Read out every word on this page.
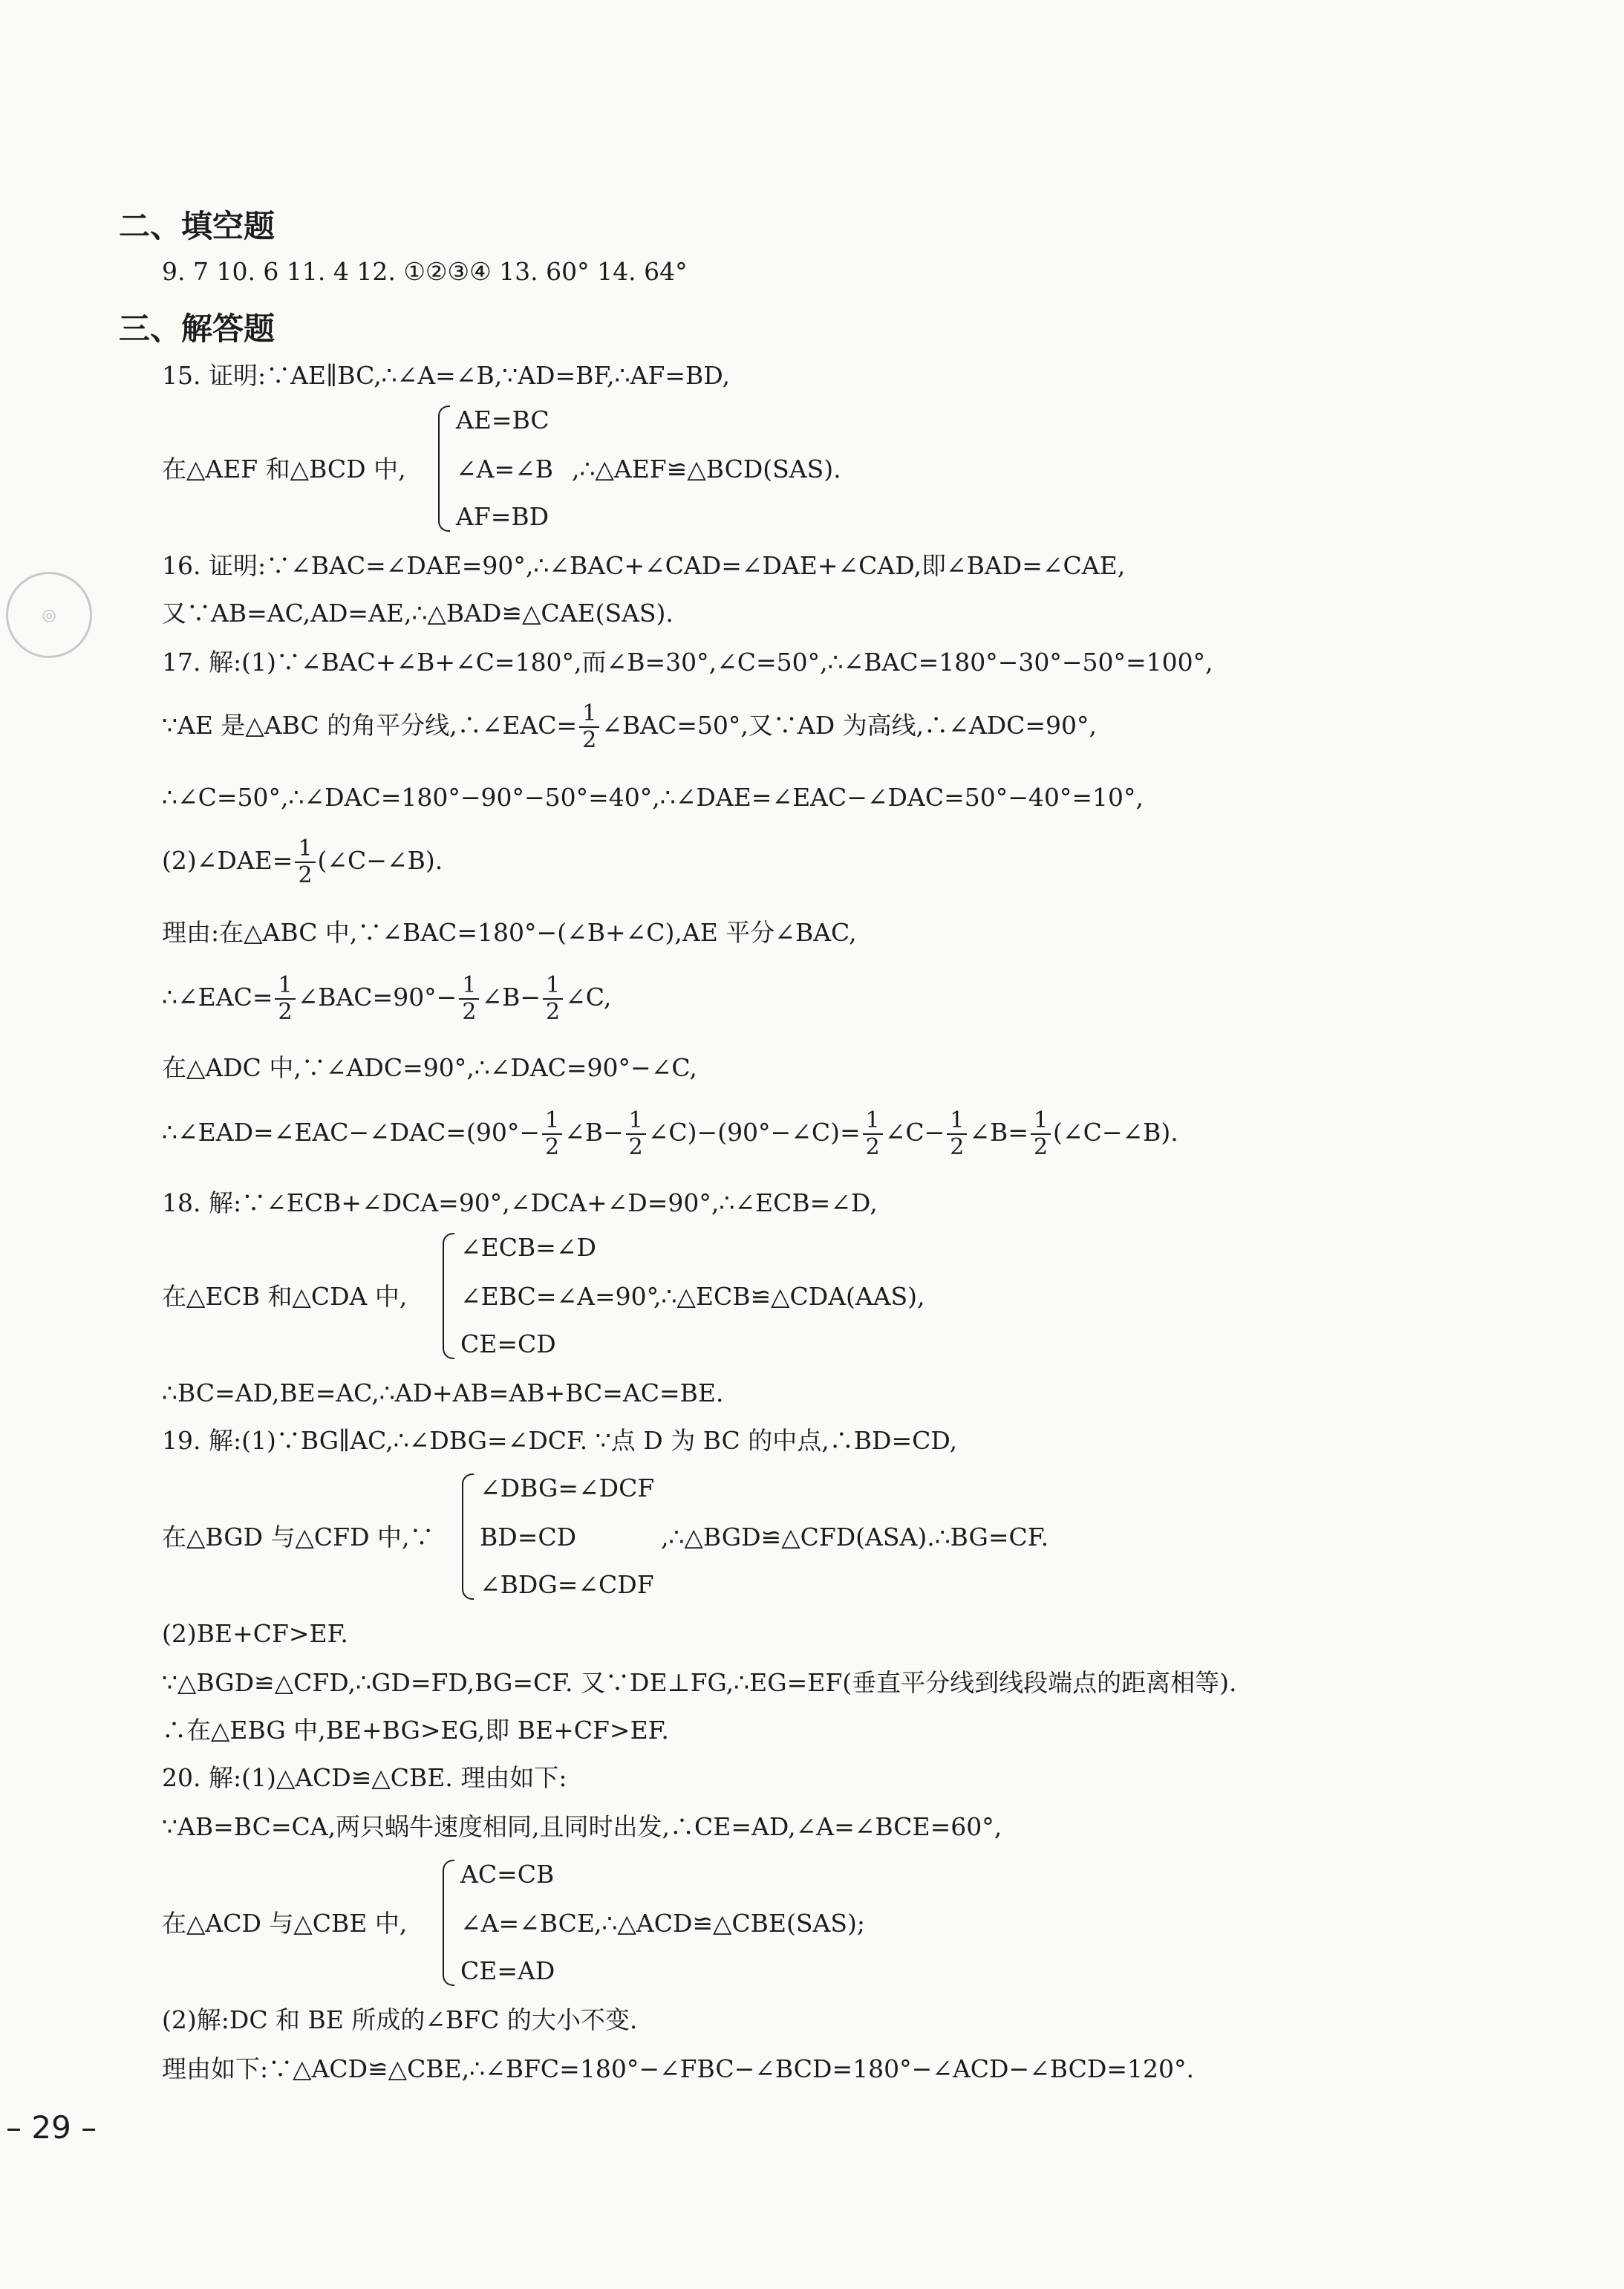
◎
二、填空题
9. 7 10. 6 11. 4 12. ①②③④ 13. 60° 14. 64°
三、解答题
15. 证明:∵AE∥BC,∴∠A=∠B,∵AD=BF,∴AF=BD,
在△AEF 和△BCD 中,
AE=BC
∠A=∠B
AF=BD
,∴△AEF≌△BCD(SAS).
16. 证明:∵∠BAC=∠DAE=90°,∴∠BAC+∠CAD=∠DAE+∠CAD,即∠BAD=∠CAE,
又∵AB=AC,AD=AE,∴△BAD≌△CAE(SAS).
17. 解:(1)∵∠BAC+∠B+∠C=180°,而∠B=30°,∠C=50°,∴∠BAC=180°−30°−50°=100°,
∵AE 是△ABC 的角平分线,∴∠EAC= $\frac{1}{2}$ ∠BAC=50°,又∵AD 为高线,∴∠ADC=90°,
∴∠C=50°,∴∠DAC=180°−90°−50°=40°,∴∠DAE=∠EAC−∠DAC=50°−40°=10°,
(2)∠DAE= $\frac{1}{2}$ (∠C−∠B).
理由:在△ABC 中,∵∠BAC=180°−(∠B+∠C),AE 平分∠BAC,
∴∠EAC= $\frac{1}{2}$ ∠BAC=90°− $\frac{1}{2}$ ∠B− $\frac{1}{2}$ ∠C,
在△ADC 中,∵∠ADC=90°,∴∠DAC=90°−∠C,
∴∠EAD=∠EAC−∠DAC=(90°− $\frac{1}{2}$ ∠B− $\frac{1}{2}$ ∠C)−(90°−∠C)= $\frac{1}{2}$ ∠C− $\frac{1}{2}$ ∠B= $\frac{1}{2}$ (∠C−∠B).
18. 解:∵∠ECB+∠DCA=90°,∠DCA+∠D=90°,∴∠ECB=∠D,
在△ECB 和△CDA 中,
∠ECB=∠D
∠EBC=∠A=90°
CE=CD
,∴△ECB≌△CDA(AAS),
∴BC=AD,BE=AC,∴AD+AB=AB+BC=AC=BE.
19. 解:(1)∵BG∥AC,∴∠DBG=∠DCF. ∵点 D 为 BC 的中点,∴BD=CD,
在△BGD 与△CFD 中,∵
∠DBG=∠DCF
BD=CD
∠BDG=∠CDF
,∴△BGD≌△CFD(ASA).∴BG=CF.
(2)BE+CF>EF.
∵△BGD≌△CFD,∴GD=FD,BG=CF. 又∵DE⊥FG,∴EG=EF(垂直平分线到线段端点的距离相等).
∴在△EBG 中,BE+BG>EG,即 BE+CF>EF.
20. 解:(1)△ACD≌△CBE. 理由如下:
∵AB=BC=CA,两只蜗牛速度相同,且同时出发,∴CE=AD,∠A=∠BCE=60°,
在△ACD 与△CBE 中,
AC=CB
∠A=∠BCE
CE=AD
,∴△ACD≌△CBE(SAS);
(2)解:DC 和 BE 所成的∠BFC 的大小不变.
理由如下:∵△ACD≌△CBE,∴∠BFC=180°−∠FBC−∠BCD=180°−∠ACD−∠BCD=120°.
– 29 –
